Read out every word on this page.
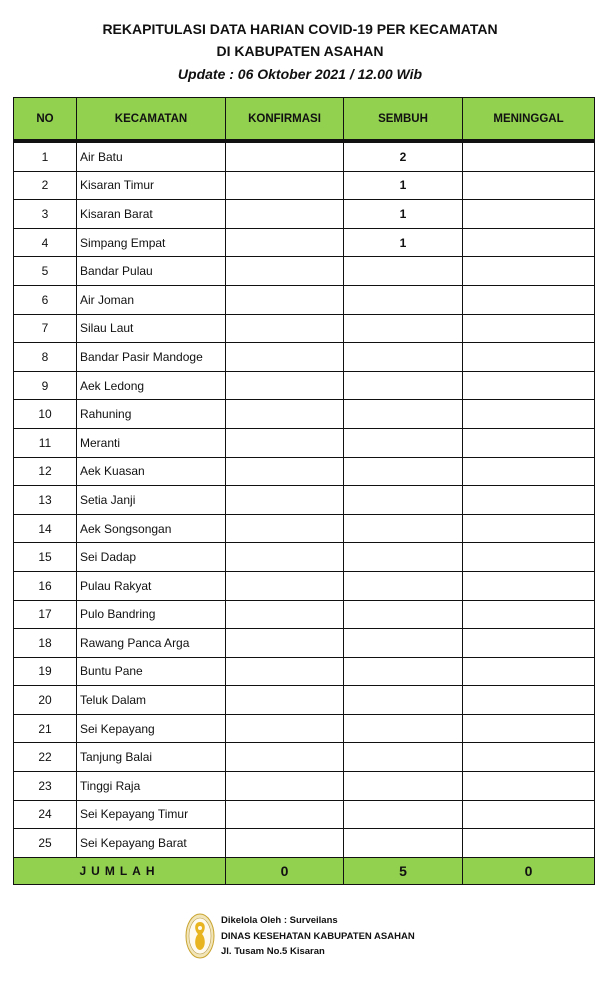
REKAPITULASI DATA HARIAN COVID-19 PER KECAMATAN
DI KABUPATEN ASAHAN
Update : 06 Oktober 2021 / 12.00 Wib
NO	KECAMATAN	KONFIRMASI	SEMBUH	MENINGGAL
1	Air Batu		2	
2	Kisaran Timur		1	
3	Kisaran Barat		1	
4	Simpang Empat		1	
5	Bandar Pulau			
6	Air Joman			
7	Silau Laut			
8	Bandar Pasir Mandoge			
9	Aek Ledong			
10	Rahuning			
11	Meranti			
12	Aek Kuasan			
13	Setia Janji			
14	Aek Songsongan			
15	Sei Dadap			
16	Pulau Rakyat			
17	Pulo Bandring			
18	Rawang Panca Arga			
19	Buntu Pane			
20	Teluk Dalam			
21	Sei Kepayang			
22	Tanjung Balai			
23	Tinggi Raja			
24	Sei Kepayang Timur			
25	Sei Kepayang Barat			
JUMLAH		0	5	0
Dikelola Oleh : Surveilans
DINAS KESEHATAN KABUPATEN ASAHAN
Jl. Tusam No.5 Kisaran
